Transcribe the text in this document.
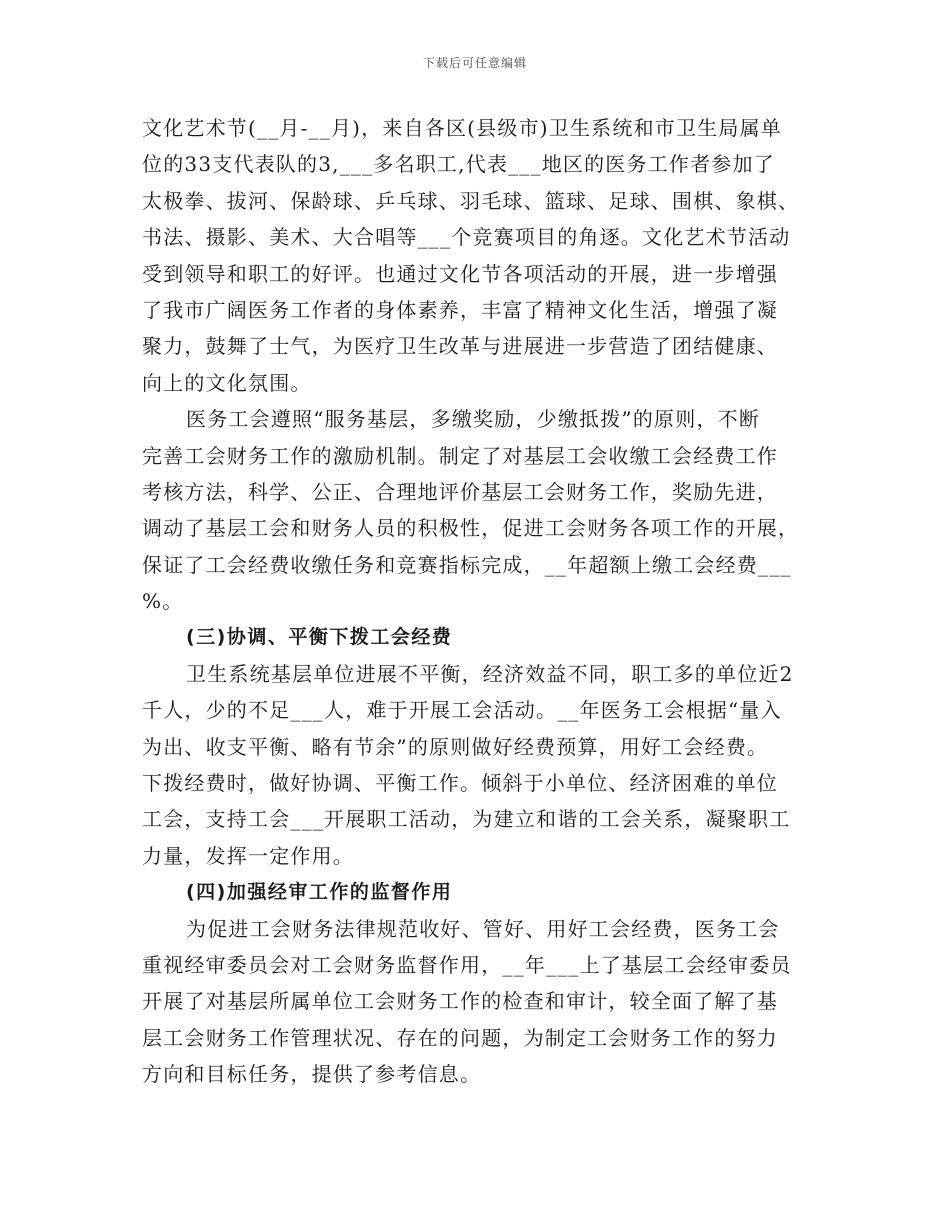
下载后可任意编辑
文化艺术节(__月-__月)，来自各区(县级市)卫生系统和市卫生局属单
位的33支代表队的3,___多名职工,代表___地区的医务工作者参加了
太极拳、拔河、保龄球、乒乓球、羽毛球、篮球、足球、围棋、象棋、
书法、摄影、美术、大合唱等___个竞赛项目的角逐。文化艺术节活动
受到领导和职工的好评。也通过文化节各项活动的开展，进一步增强
了我市广阔医务工作者的身体素养，丰富了精神文化生活，增强了凝
聚力，鼓舞了士气，为医疗卫生改革与进展进一步营造了团结健康、
向上的文化氛围。
医务工会遵照“服务基层，多缴奖励，少缴抵拨”的原则，不断
完善工会财务工作的激励机制。制定了对基层工会收缴工会经费工作
考核方法，科学、公正、合理地评价基层工会财务工作，奖励先进，
调动了基层工会和财务人员的积极性，促进工会财务各项工作的开展，
保证了工会经费收缴任务和竞赛指标完成，__年超额上缴工会经费___
%。
(三)协调、平衡下拨工会经费
卫生系统基层单位进展不平衡，经济效益不同，职工多的单位近2
千人，少的不足___人，难于开展工会活动。__年医务工会根据“量入
为出、收支平衡、略有节余”的原则做好经费预算，用好工会经费。
下拨经费时，做好协调、平衡工作。倾斜于小单位、经济困难的单位
工会，支持工会___开展职工活动，为建立和谐的工会关系，凝聚职工
力量，发挥一定作用。
(四)加强经审工作的监督作用
为促进工会财务法律规范收好、管好、用好工会经费，医务工会
重视经审委员会对工会财务监督作用，__年___上了基层工会经审委员
开展了对基层所属单位工会财务工作的检查和审计，较全面了解了基
层工会财务工作管理状况、存在的问题，为制定工会财务工作的努力
方向和目标任务，提供了参考信息。
